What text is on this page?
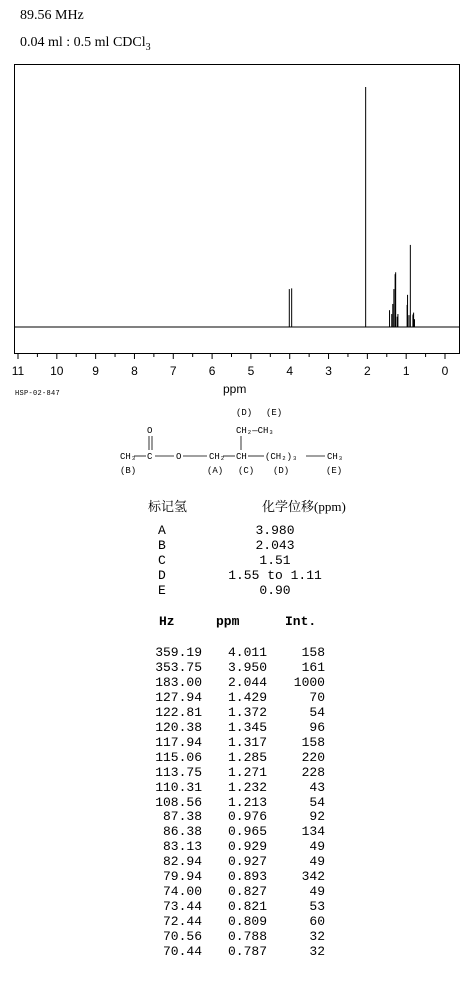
89.56 MHz
0.04 ml : 0.5 ml CDCl$_3$
11 10 9	8	7	6	5	4	3	2	1	0
HSP-02-847	ppm
(D) (E)
CH₂—CH₃
O
CH₃ C	O	CH₂ CH (CH₂)₃	CH₃
(B)	(A) (C) (D)	(E)
标记氢	化学位移(ppm)
A	3.980
B	2.043
C	1.51
D	1.55 to 1.11
E	0.90
Hz	ppm	Int.
359.19	4.011	158
353.75	3.950	161
183.00	2.044	1000
127.94	1.429	70
122.81	1.372	54
120.38	1.345	96
117.94	1.317	158
115.06	1.285	220
113.75	1.271	228
110.31	1.232	43
108.56	1.213	54
87.38	0.976	92
86.38	0.965	134
83.13	0.929	49
82.94	0.927	49
79.94	0.893	342
74.00	0.827	49
73.44	0.821	53
72.44	0.809	60
70.56	0.788	32
70.44	0.787	32
